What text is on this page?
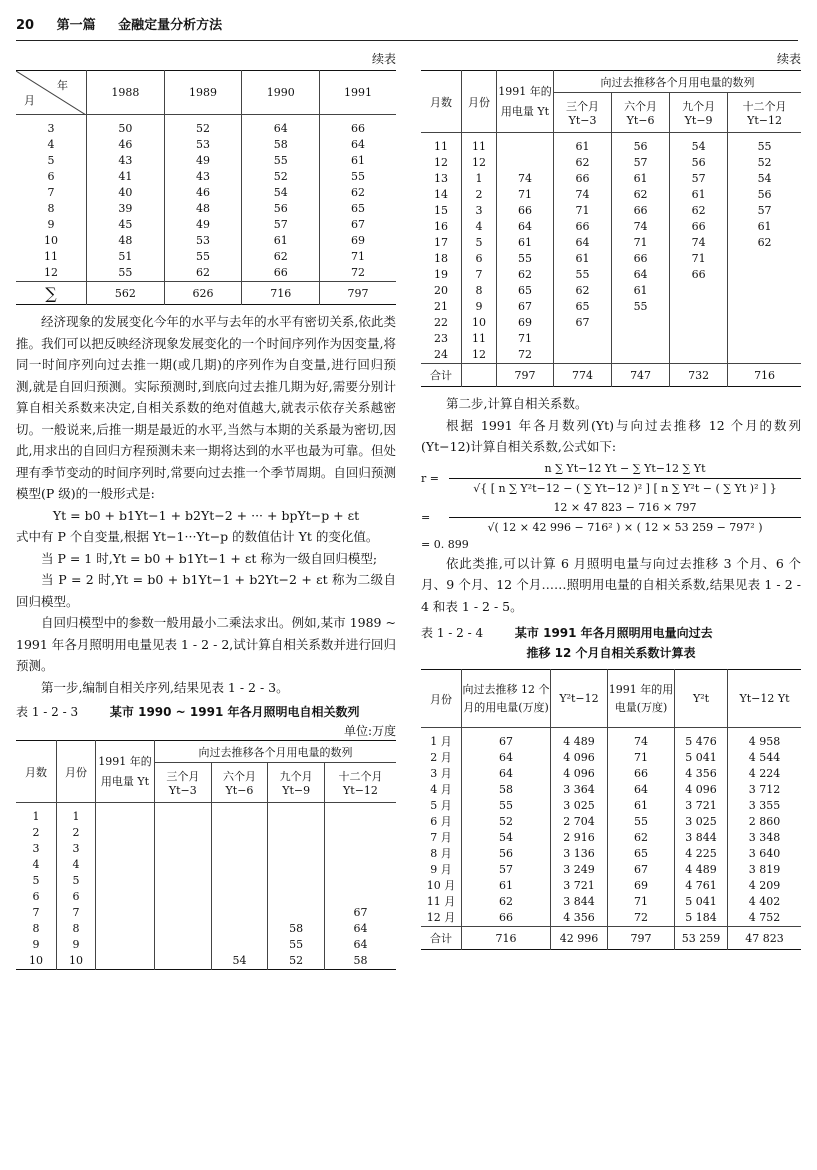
20 第一篇 金融定量分析方法
续表
年
月	1988	1989	1990	1991
3	50	52	64	66
4	46	53	58	64
5	43	49	55	61
6	41	43	52	55
7	40	46	54	62
8	39	48	56	65
9	45	49	57	67
10	48	53	61	69
11	51	55	62	71
12	55	62	66	72
∑	562	626	716	797

经济现象的发展变化今年的水平与去年的水平有密切关系,依此类推。我们可以把反映经济现象发展变化的一个时间序列作为因变量,将同一时间序列向过去推一期(或几期)的序列作为自变量,进行回归预测,就是自回归预测。实际预测时,到底向过去推几期为好,需要分别计算自相关系数来决定,自相关系数的绝对值越大,就表示依存关系越密切。一般说来,后推一期是最近的水平,当然与本期的关系最为密切,因此,用求出的自回归方程预测未来一期将达到的水平也最为可靠。但处理有季节变动的时间序列时,常要向过去推一个季节周期。自回归预测模型(P 级)的一般形式是:

Yt = b0 + b1Yt−1 + b2Yt−2 + ··· + bpYt−p + εt

式中有 P 个自变量,根据 Yt−1···Yt−p 的数值估计 Yt 的变化值。

当 P = 1 时,Yt = b0 + b1Yt−1 + εt 称为一级自回归模型;

当 P = 2 时,Yt = b0 + b1Yt−1 + b2Yt−2 + εt 称为二级自回归模型。

自回归模型中的参数一般用最小二乘法求出。例如,某市 1989 ~ 1991 年各月照明用电量见表 1 - 2 - 2,试计算自相关系数并进行回归预测。

第一步,编制自相关序列,结果见表 1 - 2 - 3。

表 1 - 2 - 3	某市 1990 ~ 1991 年各月照明电自相关数列
单位:万度
月数	月份	1991 年的用电量 Yt	向过去推移各个月用电量的数列			
			三个月 Yt−3	六个月 Yt−6	九个月 Yt−9	十二个月 Yt−12
1	1					
2	2					
3	3					
4	4					
5	5					
6	6					
7	7					67
8	8				58	64
9	9				55	64
10	10			54	52	58
续表
月数	月份	1991 年的用电量 Yt	向过去推移各个月用电量的数列			
			三个月 Yt−3	六个月 Yt−6	九个月 Yt−9	十二个月 Yt−12
11	11		61	56	54	55
12	12		62	57	56	52
13	1	74	66	61	57	54
14	2	71	74	62	61	56
15	3	66	71	66	62	57
16	4	64	66	74	66	61
17	5	61	64	71	74	62
18	6	55	61	66	71	
19	7	62	55	64	66	
20	8	65	62	61		
21	9	67	65	55		
22	10	69	67			
23	11	71				
24	12	72				
合计		797	774	747	732	716

第二步,计算自相关系数。

根据 1991 年各月数列(Yt)与向过去推移 12 个月的数列(Yt−12)计算自相关系数,公式如下:

$r = \frac{n \sum Yt-12 Yt - \sum Yt-12 \sum Yt}{\text{√\{ [ n ∑ Y²t−12 − ( ∑ Yt−12 )² ] [ n ∑ Y²t − ( ∑ Yt )² ] \}}}$
=	$\frac{12 \times 47 823 - 716 \times 797}{\text{√( 12 × 42 996 − 716² ) × ( 12 × 53 259 − 797² )}}$
= 0. 899

依此类推,可以计算 6 月照明电量与向过去推移 3 个月、6 个月、9 个月、12 个月……照明用电量的自相关系数,结果见表 1 - 2 - 4 和表 1 - 2 - 5。

表 1 - 2 - 4	某市 1991 年各月照明用电量向过去
推移 12 个月自相关系数计算表
月份	向过去推移 12 个月的用电量(万度)	Y²t−12	1991 年的用电量(万度)	Y²t	Yt−12 Yt
1 月	67	4 489	74	5 476	4 958
2 月	64	4 096	71	5 041	4 544
3 月	64	4 096	66	4 356	4 224
4 月	58	3 364	64	4 096	3 712
5 月	55	3 025	61	3 721	3 355
6 月	52	2 704	55	3 025	2 860
7 月	54	2 916	62	3 844	3 348
8 月	56	3 136	65	4 225	3 640
9 月	57	3 249	67	4 489	3 819
10 月	61	3 721	69	4 761	4 209
11 月	62	3 844	71	5 041	4 402
12 月	66	4 356	72	5 184	4 752
合计	716	42 996	797	53 259	47 823
